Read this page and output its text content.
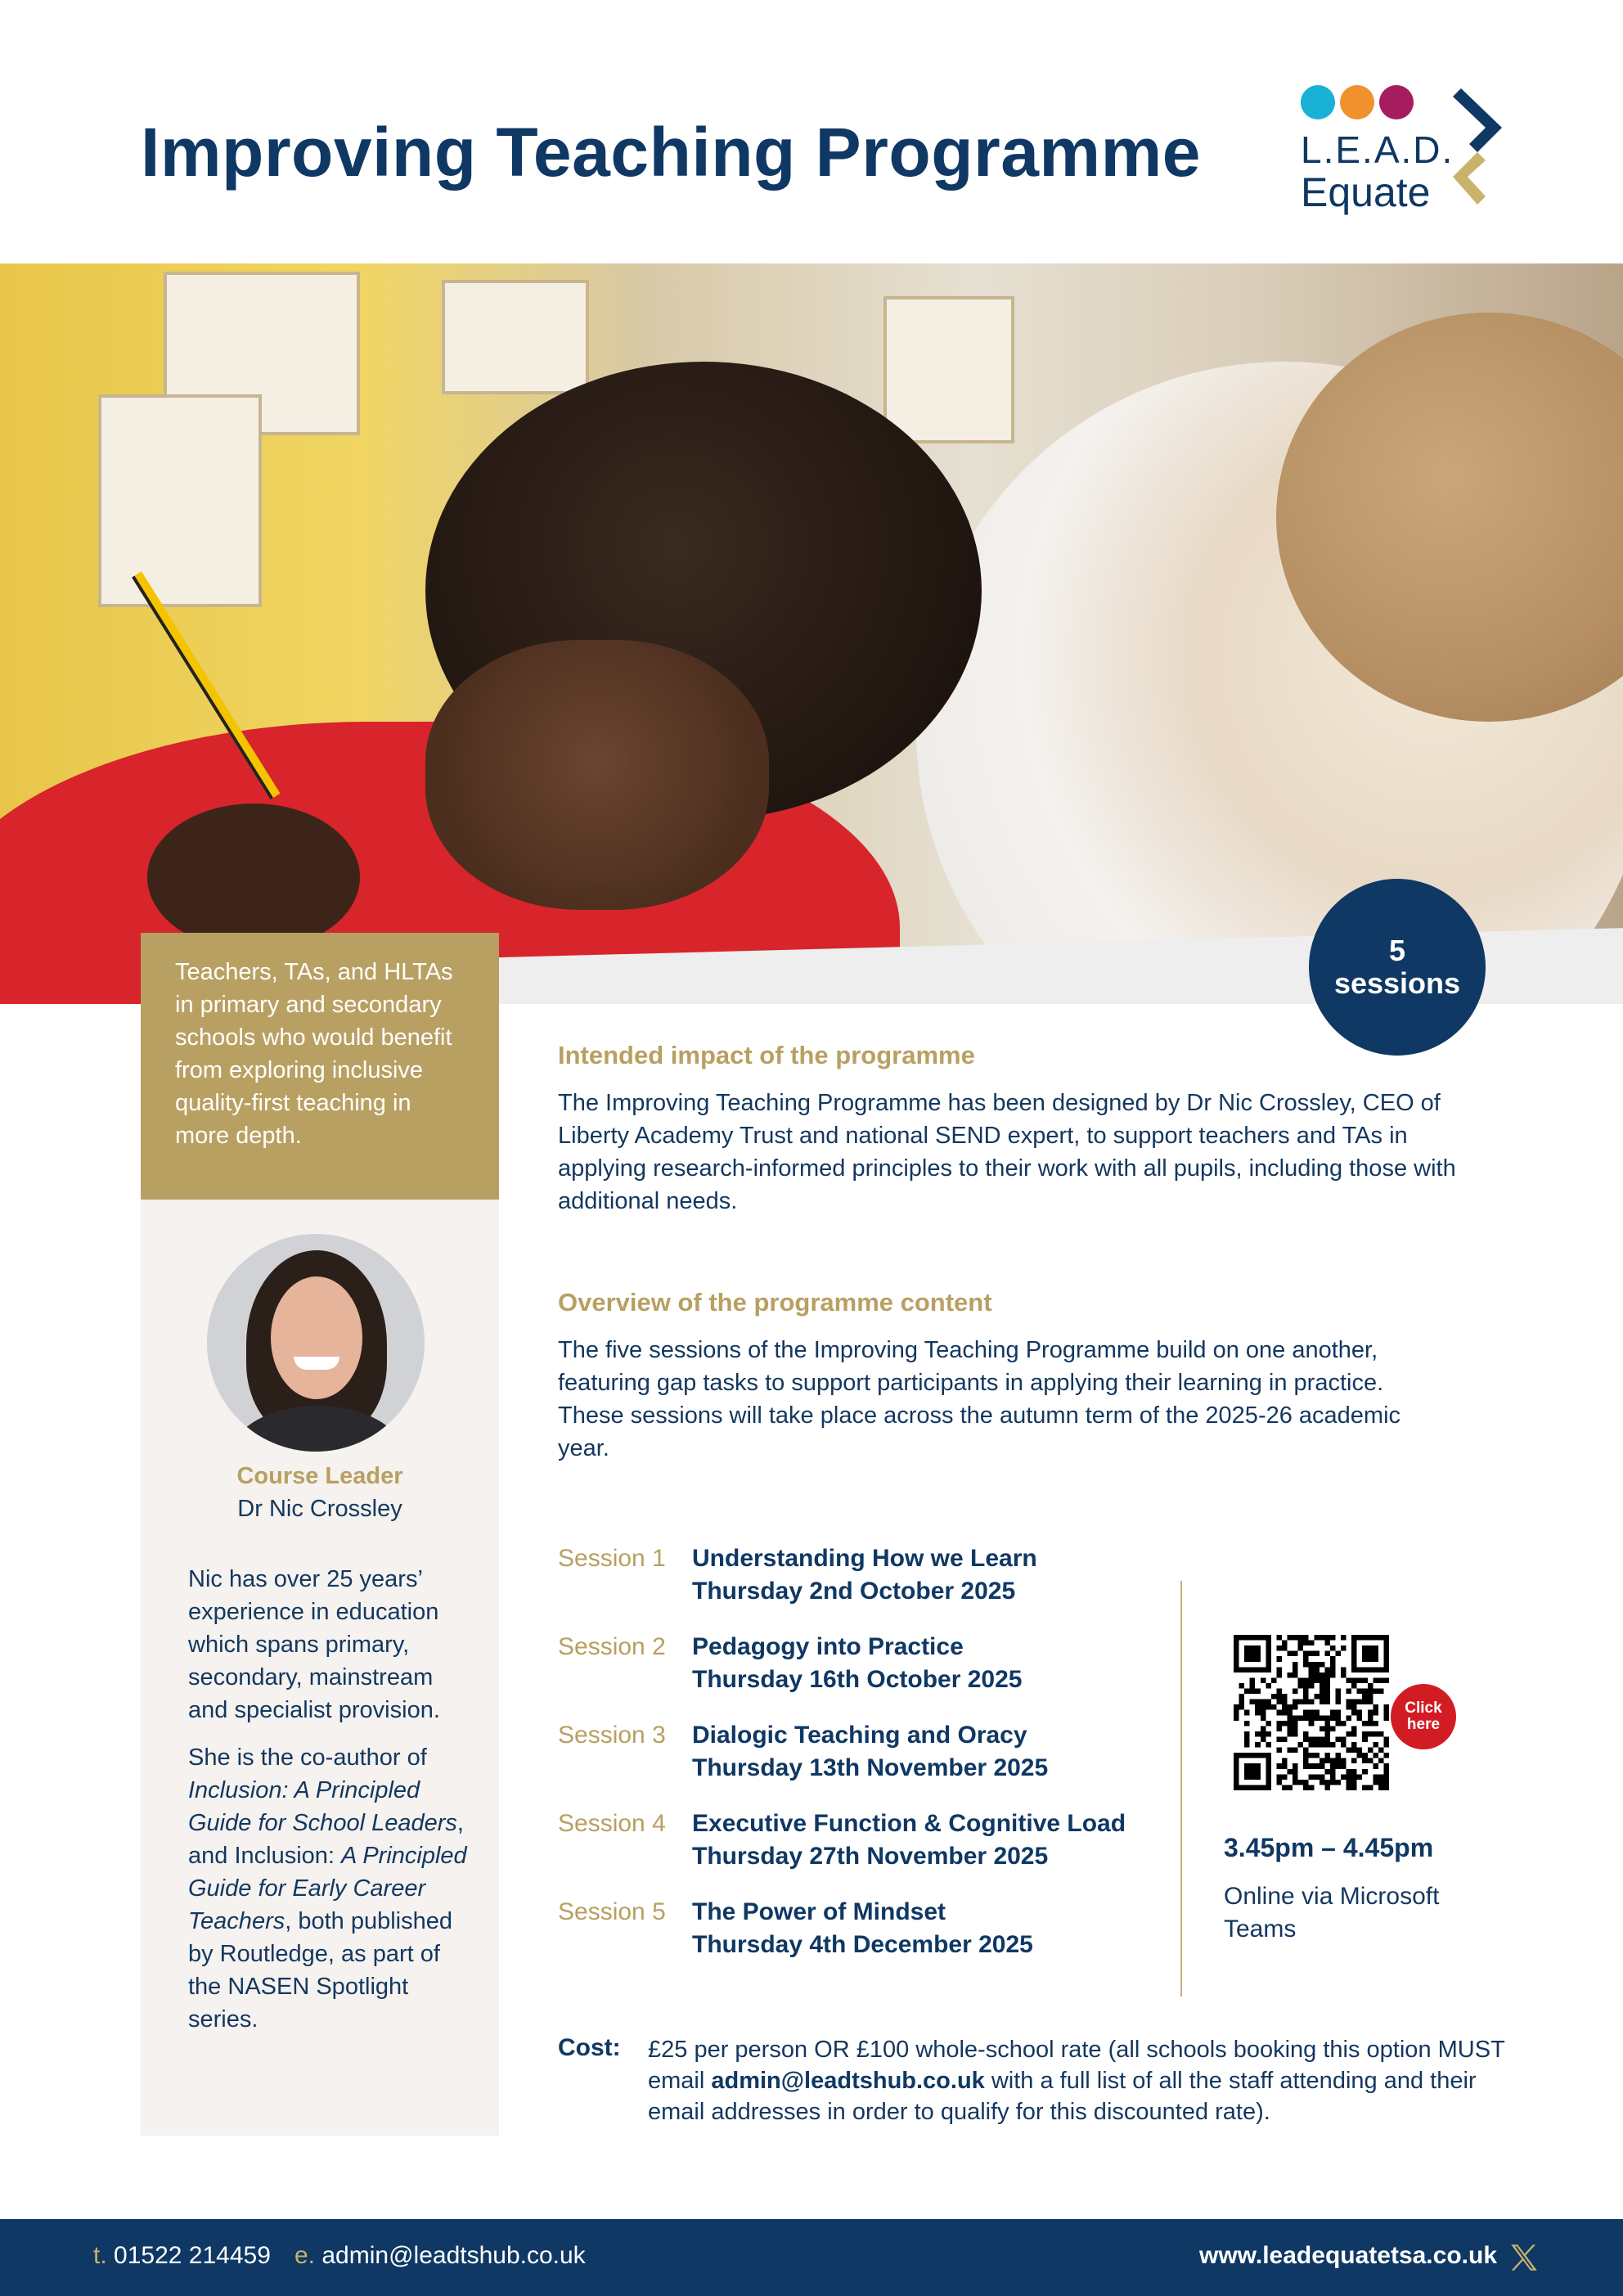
Improving Teaching Programme	L.E.A.D.
Equate
5
sessions
Teachers, TAs, and HLTAs in primary and secondary schools who would benefit from exploring inclusive quality-first teaching in more depth.
Course Leader
Dr Nic Crossley

Nic has over 25 years’ experience in education which spans primary, secondary, mainstream and specialist provision.

She is the co-author of Inclusion: A Principled Guide for School Leaders, and Inclusion: A Principled Guide for Early Career Teachers, both published by Routledge, as part of the NASEN Spotlight series.

Intended impact of the programme

The Improving Teaching Programme has been designed by Dr Nic Crossley, CEO of Liberty Academy Trust and national SEND expert, to support teachers and TAs in applying research-informed principles to their work with all pupils, including those with additional needs.

Overview of the programme content

The five sessions of the Improving Teaching Programme build on one another, featuring gap tasks to support participants in applying their learning in practice. These sessions will take place across the autumn term of the 2025-26 academic year.

Session 1 Understanding How we Learn
Thursday 2nd October 2025
Session 2 Pedagogy into Practice
Thursday 16th October 2025
Session 3 Dialogic Teaching and Oracy
Thursday 13th November 2025
Session 4 Executive Function & Cognitive Load
Thursday 27th November 2025
Session 5 The Power of Mindset
Thursday 4th December 2025
Click
here
3.45pm – 4.45pm
Online via Microsoft Teams
Cost: £25 per person OR £100 whole-school rate (all schools booking this option MUST email admin@leadtshub.co.uk with a full list of all the staff attending and their email addresses in order to qualify for this discounted rate).
t. 01522 214459 e. admin@leadtshub.co.uk	www.leadequatetsa.co.uk
